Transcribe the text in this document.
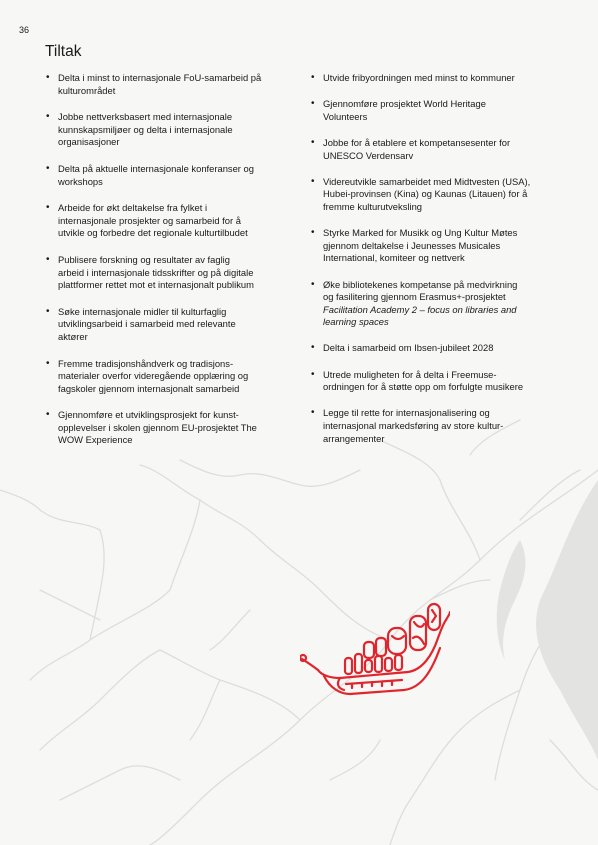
36
Tiltak
• Delta i minst to internasjonale FoU-samarbeid på
kulturområdet
• Jobbe nettverksbasert med internasjonale
kunnskapsmiljøer og delta i internasjonale
organisasjoner
• Delta på aktuelle internasjonale konferanser og
workshops
• Arbeide for økt deltakelse fra fylket i
internasjonale prosjekter og samarbeid for å
utvikle og forbedre det regionale kulturtilbudet
• Publisere forskning og resultater av faglig
arbeid i internasjonale tidsskrifter og på digitale
plattformer rettet mot et internasjonalt publikum
• Søke internasjonale midler til kulturfaglig
utviklingsarbeid i samarbeid med relevante
aktører
• Fremme tradisjonshåndverk og tradisjons-
materialer overfor videregående opplæring og
fagskoler gjennom internasjonalt samarbeid
• Gjennomføre et utviklingsprosjekt for kunst-
opplevelser i skolen gjennom EU-prosjektet The
WOW Experience
• Utvide fribyordningen med minst to kommuner
• Gjennomføre prosjektet World Heritage
Volunteers
• Jobbe for å etablere et kompetansesenter for
UNESCO Verdensarv
• Videreutvikle samarbeidet med Midtvesten (USA),
Hubei-provinsen (Kina) og Kaunas (Litauen) for å
fremme kulturutveksling
• Styrke Marked for Musikk og Ung Kultur Møtes
gjennom deltakelse i Jeunesses Musicales
International, komiteer og nettverk
• Øke bibliotekenes kompetanse på medvirkning
og fasilitering gjennom Erasmus+-prosjektet
Facilitation Academy 2 – focus on libraries and
learning spaces
• Delta i samarbeid om Ibsen-jubileet 2028
• Utrede muligheten for å delta i Freemuse-
ordningen for å støtte opp om forfulgte musikere
• Legge til rette for internasjonalisering og
internasjonal markedsføring av store kultur-
arrangementer
